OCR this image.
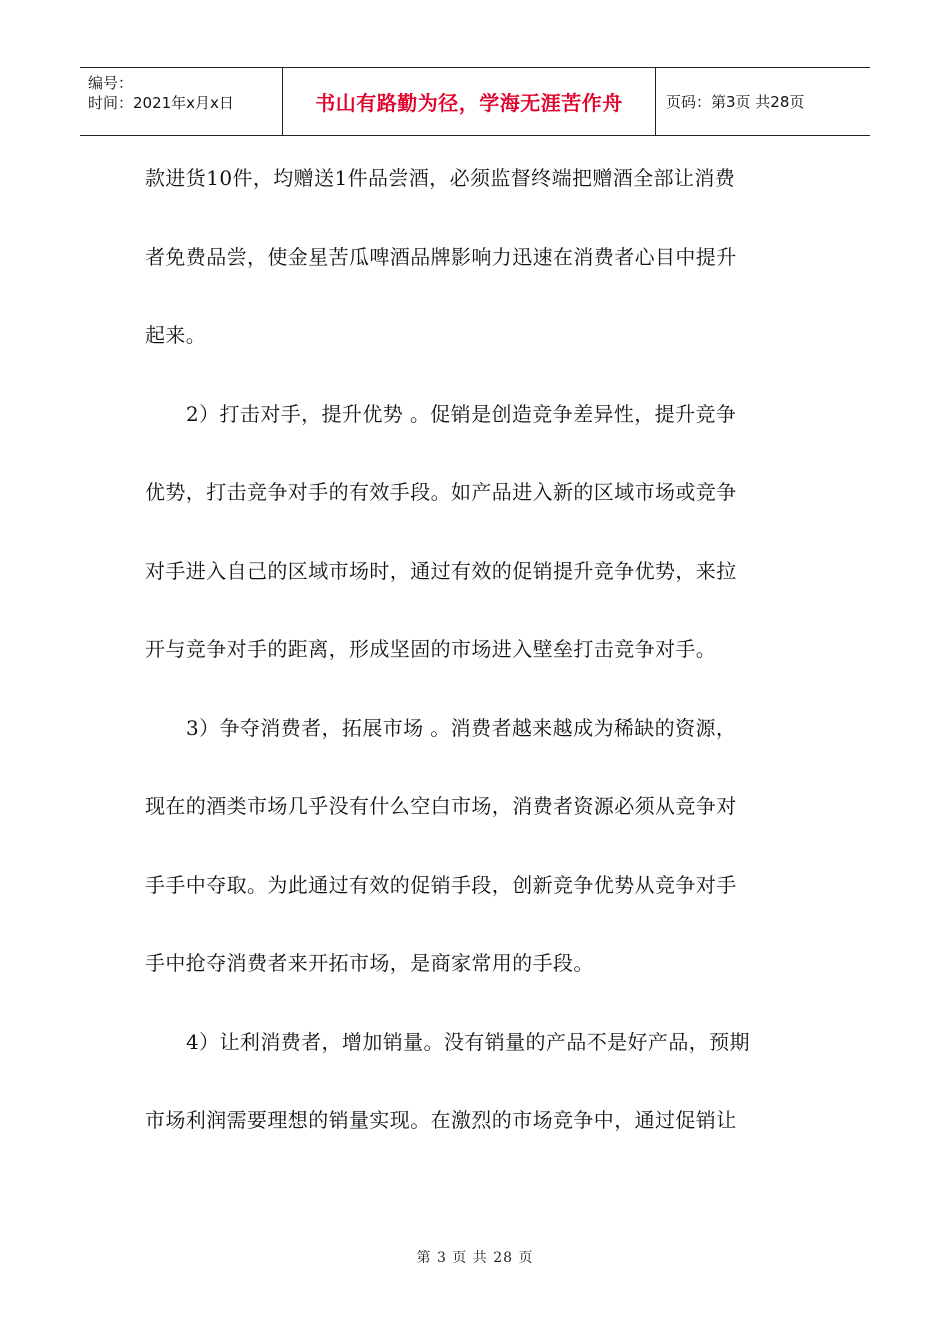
编号：
时间：2021年x月x日	书山有路勤为径，学海无涯苦作舟	页码：第3页 共28页
款进货10件，均赠送1件品尝酒，必须监督终端把赠酒全部让消费
者免费品尝，使金星苦瓜啤酒品牌影响力迅速在消费者心目中提升
起来。
2）打击对手，提升优势 。促销是创造竞争差异性，提升竞争
优势，打击竞争对手的有效手段。如产品进入新的区域市场或竞争
对手进入自己的区域市场时，通过有效的促销提升竞争优势，来拉
开与竞争对手的距离，形成坚固的市场进入壁垒打击竞争对手。
3）争夺消费者，拓展市场 。消费者越来越成为稀缺的资源，
现在的酒类市场几乎没有什么空白市场，消费者资源必须从竞争对
手手中夺取。为此通过有效的促销手段，创新竞争优势从竞争对手
手中抢夺消费者来开拓市场，是商家常用的手段。
4）让利消费者，增加销量。没有销量的产品不是好产品，预期
市场利润需要理想的销量实现。在激烈的市场竞争中，通过促销让
第 3 页 共 28 页
